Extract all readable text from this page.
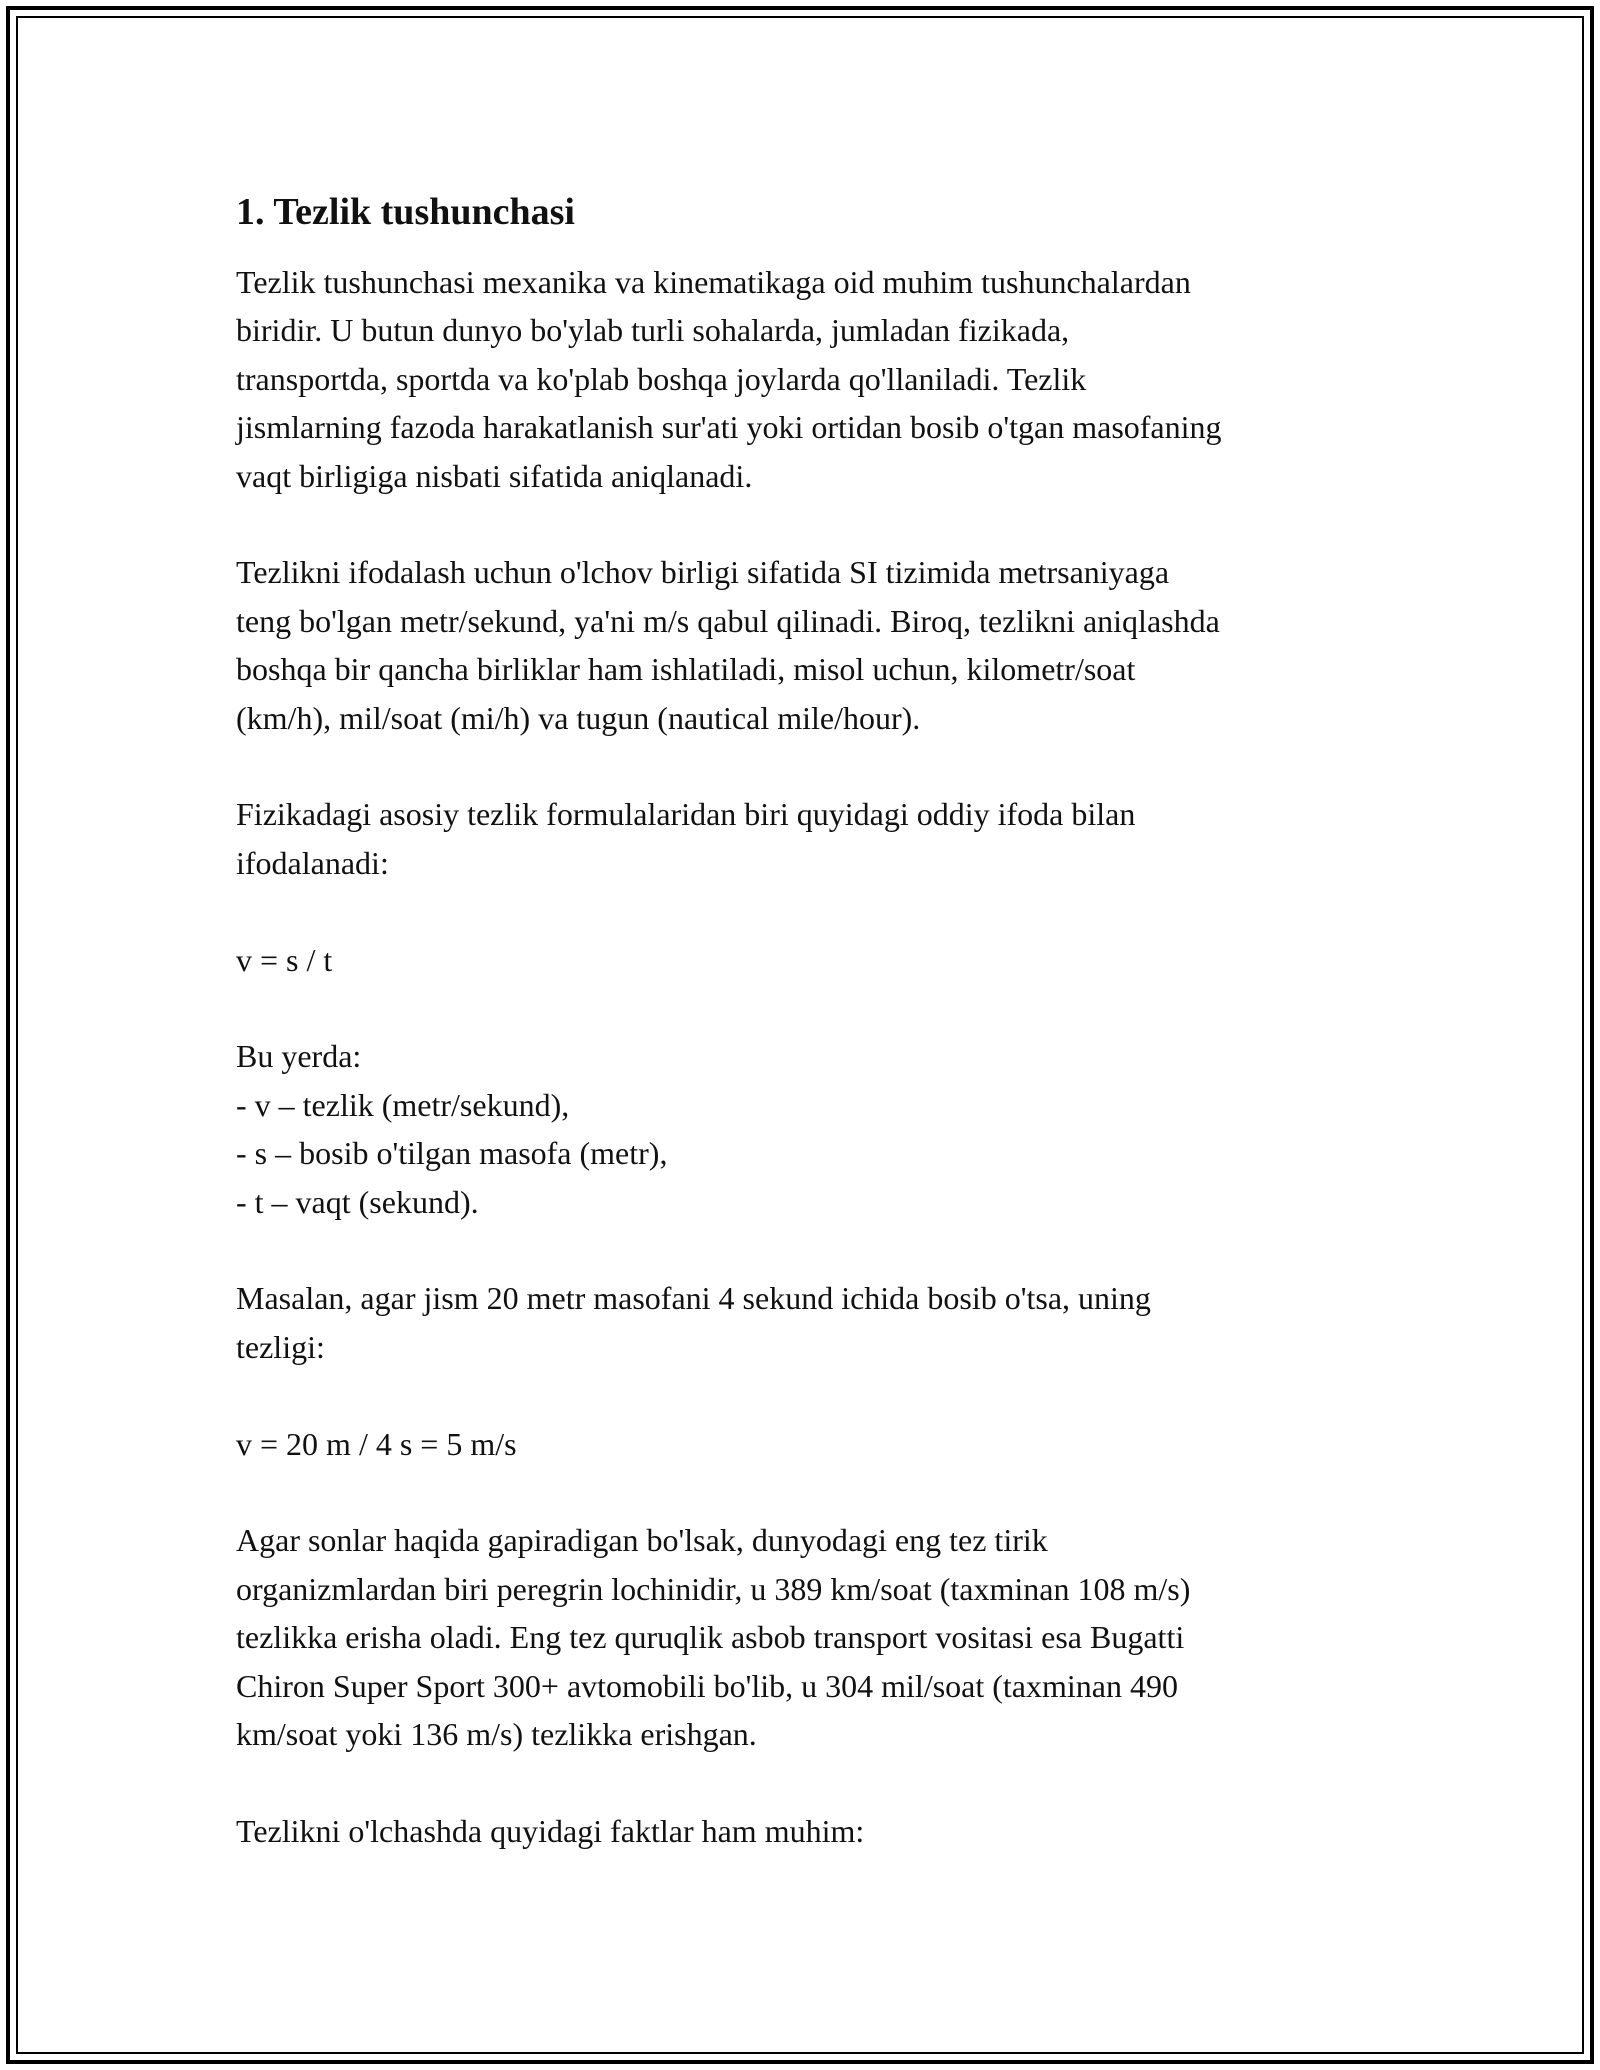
1. Tezlik tushunchasi

Tezlik tushunchasi mexanika va kinematikaga oid muhim tushunchalardan
biridir. U butun dunyo bo'ylab turli sohalarda, jumladan fizikada,
transportda, sportda va ko'plab boshqa joylarda qo'llaniladi. Tezlik
jismlarning fazoda harakatlanish sur'ati yoki ortidan bosib o'tgan masofaning
vaqt birligiga nisbati sifatida aniqlanadi.

Tezlikni ifodalash uchun o'lchov birligi sifatida SI tizimida metrsaniyaga
teng bo'lgan metr/sekund, ya'ni m/s qabul qilinadi. Biroq, tezlikni aniqlashda
boshqa bir qancha birliklar ham ishlatiladi, misol uchun, kilometr/soat
(km/h), mil/soat (mi/h) va tugun (nautical mile/hour).

Fizikadagi asosiy tezlik formulalaridan biri quyidagi oddiy ifoda bilan
ifodalanadi:

v = s / t

Bu yerda:
- v – tezlik (metr/sekund),
- s – bosib o'tilgan masofa (metr),
- t – vaqt (sekund).

Masalan, agar jism 20 metr masofani 4 sekund ichida bosib o'tsa, uning
tezligi:

v = 20 m / 4 s = 5 m/s

Agar sonlar haqida gapiradigan bo'lsak, dunyodagi eng tez tirik
organizmlardan biri peregrin lochinidir, u 389 km/soat (taxminan 108 m/s)
tezlikka erisha oladi. Eng tez quruqlik asbob transport vositasi esa Bugatti
Chiron Super Sport 300+ avtomobili bo'lib, u 304 mil/soat (taxminan 490
km/soat yoki 136 m/s) tezlikka erishgan.

Tezlikni o'lchashda quyidagi faktlar ham muhim:
